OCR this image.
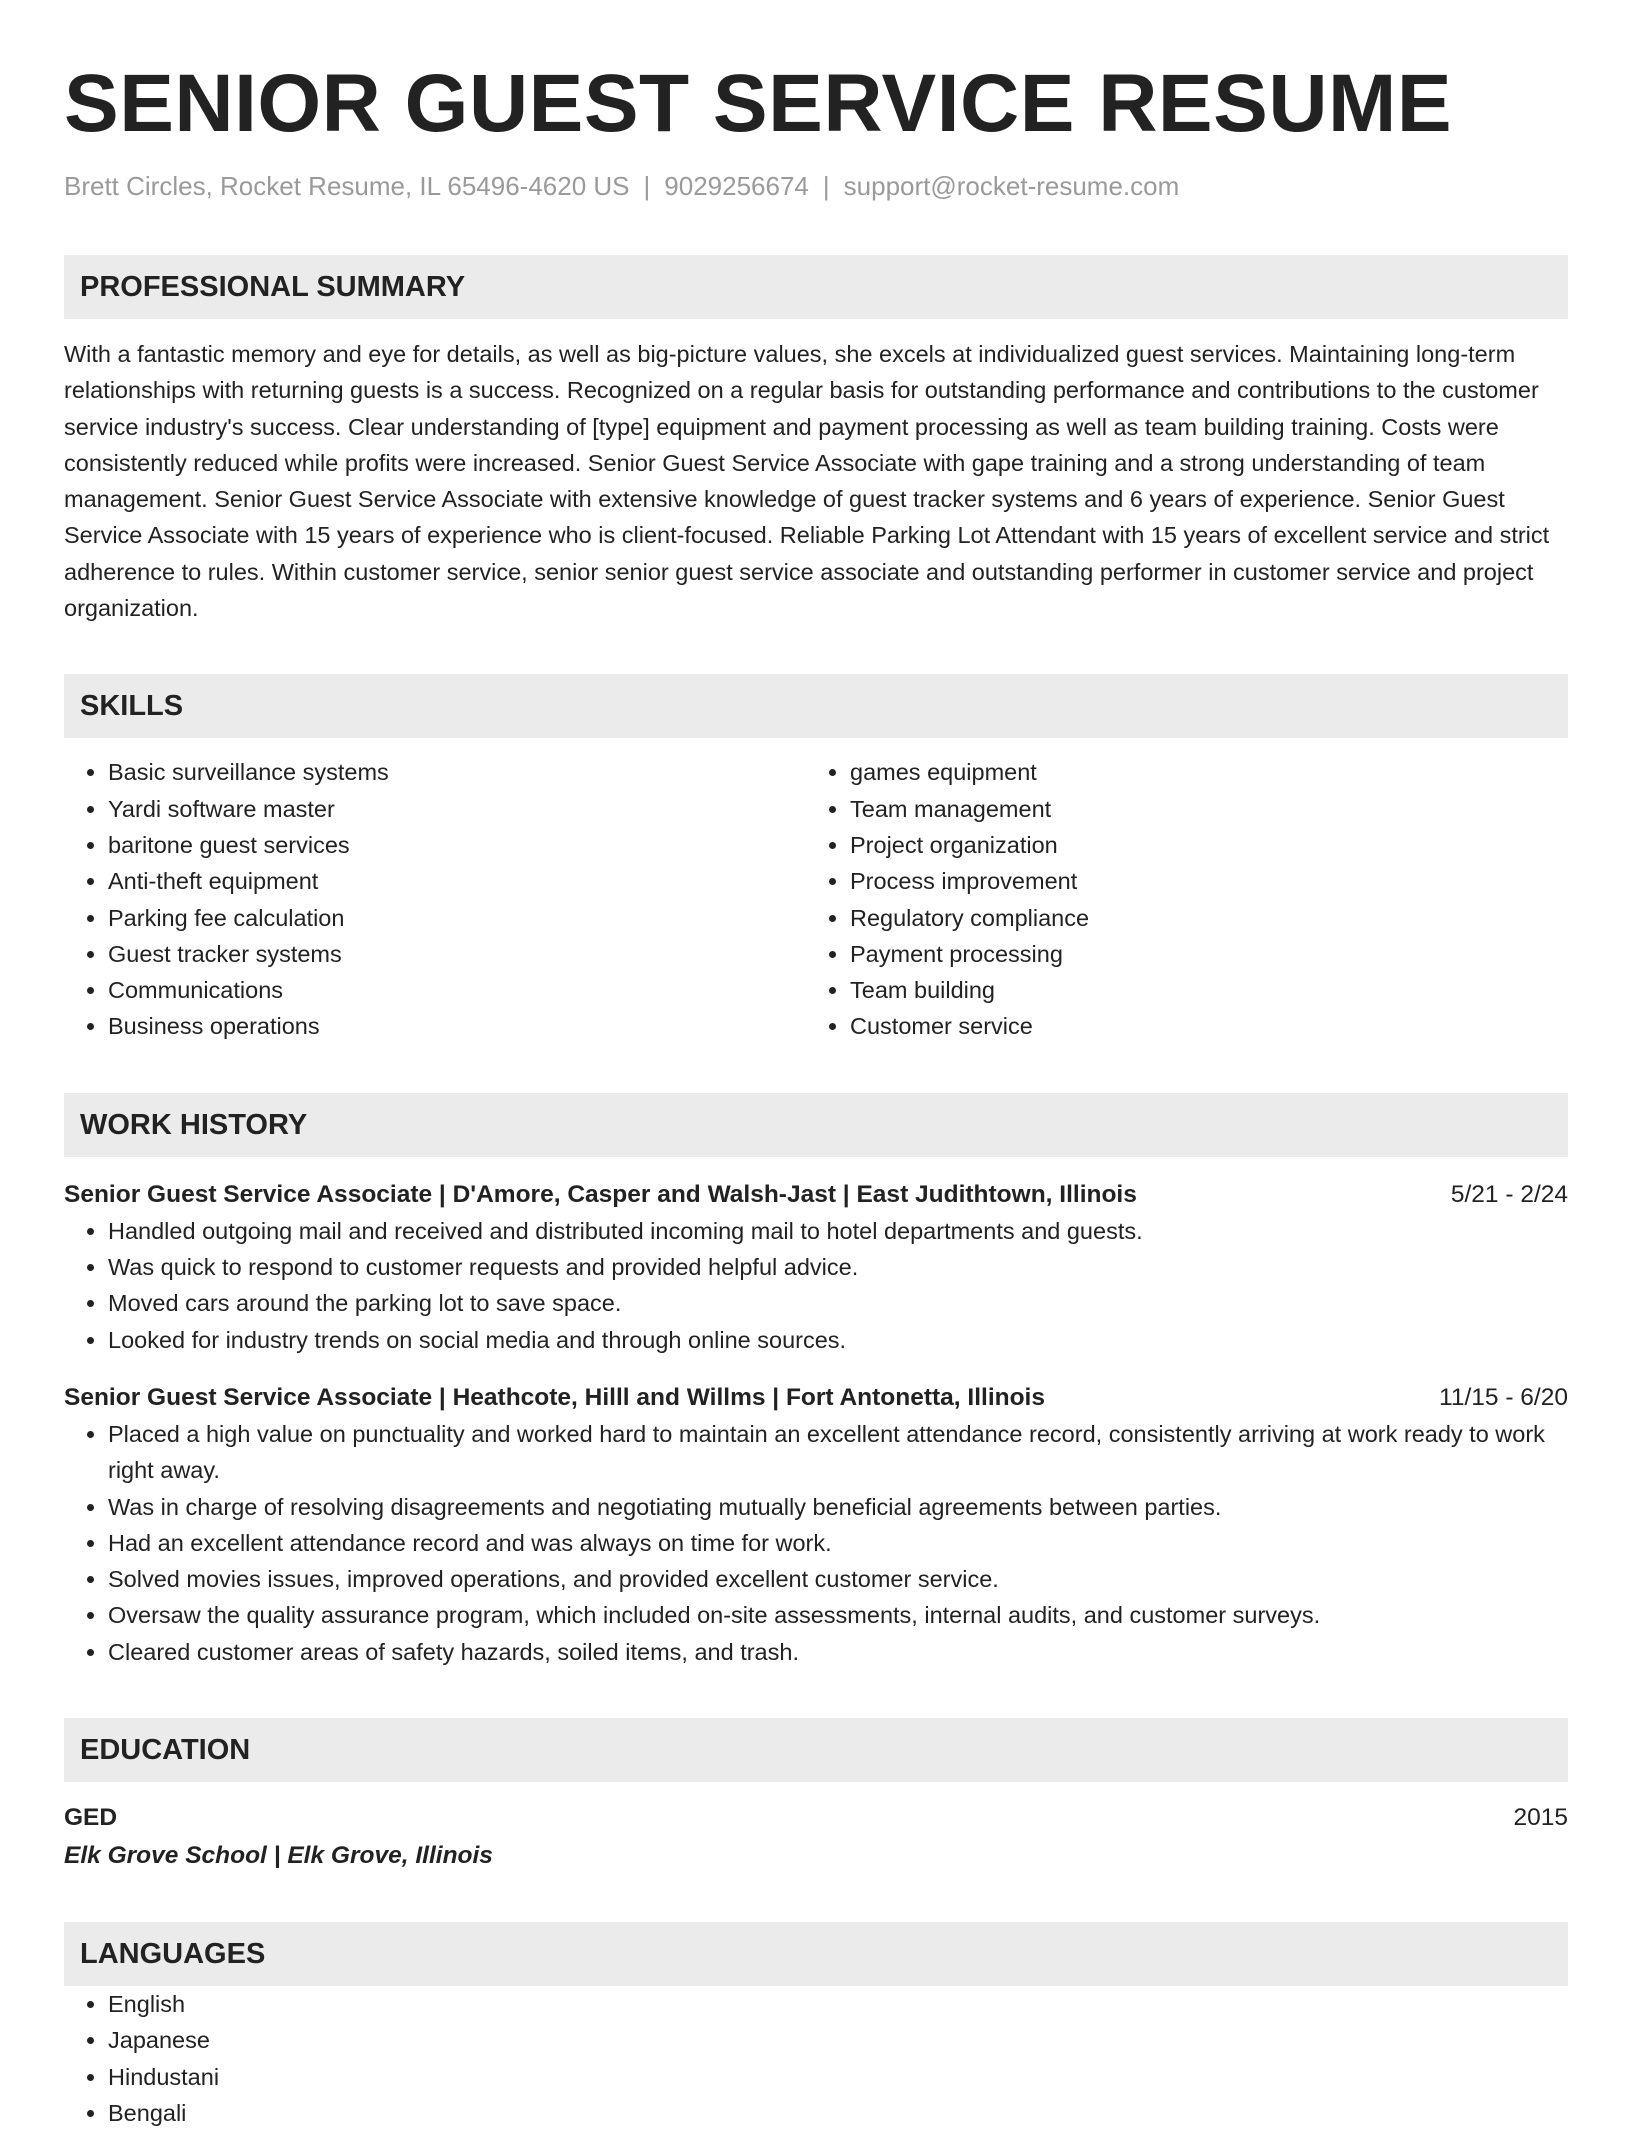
SENIOR GUEST SERVICE RESUME
Brett Circles, Rocket Resume, IL 65496-4620 US | 9029256674 | support@rocket-resume.com
PROFESSIONAL SUMMARY
With a fantastic memory and eye for details, as well as big-picture values, she excels at individualized guest services. Maintaining long-term relationships with returning guests is a success. Recognized on a regular basis for outstanding performance and contributions to the customer service industry's success. Clear understanding of [type] equipment and payment processing as well as team building training. Costs were consistently reduced while profits were increased. Senior Guest Service Associate with gape training and a strong understanding of team management. Senior Guest Service Associate with extensive knowledge of guest tracker systems and 6 years of experience. Senior Guest Service Associate with 15 years of experience who is client-focused. Reliable Parking Lot Attendant with 15 years of excellent service and strict adherence to rules. Within customer service, senior senior guest service associate and outstanding performer in customer service and project organization.
SKILLS
• Basic surveillance systems
• Yardi software master
• baritone guest services
• Anti-theft equipment
• Parking fee calculation
• Guest tracker systems
• Communications
• Business operations
• games equipment
• Team management
• Project organization
• Process improvement
• Regulatory compliance
• Payment processing
• Team building
• Customer service
WORK HISTORY
Senior Guest Service Associate | D'Amore, Casper and Walsh-Jast | East Judithtown, Illinois	5/21 - 2/24
• Handled outgoing mail and received and distributed incoming mail to hotel departments and guests.
• Was quick to respond to customer requests and provided helpful advice.
• Moved cars around the parking lot to save space.
• Looked for industry trends on social media and through online sources.
Senior Guest Service Associate | Heathcote, Hilll and Willms | Fort Antonetta, Illinois	11/15 - 6/20
• Placed a high value on punctuality and worked hard to maintain an excellent attendance record, consistently arriving at work ready to work right away.
• Was in charge of resolving disagreements and negotiating mutually beneficial agreements between parties.
• Had an excellent attendance record and was always on time for work.
• Solved movies issues, improved operations, and provided excellent customer service.
• Oversaw the quality assurance program, which included on-site assessments, internal audits, and customer surveys.
• Cleared customer areas of safety hazards, soiled items, and trash.
EDUCATION
GED	2015
Elk Grove School | Elk Grove, Illinois
LANGUAGES
• English
• Japanese
• Hindustani
• Bengali
